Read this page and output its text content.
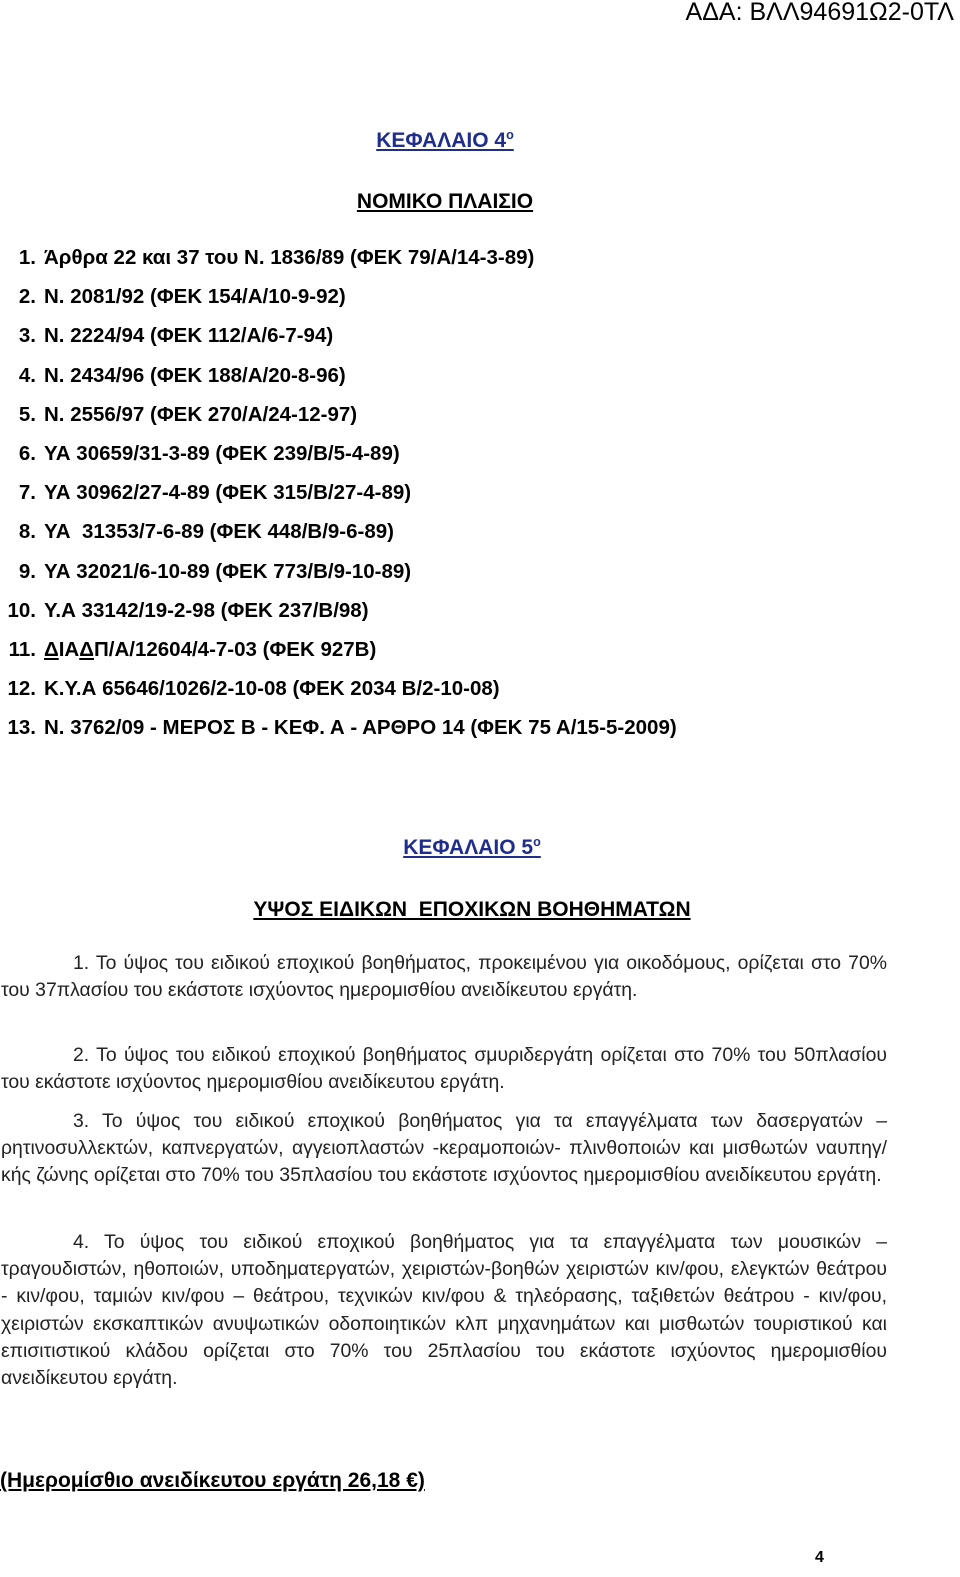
ΑΔΑ: ΒΛΛ94691Ω2-0ΤΛ
ΚΕΦΑΛΑΙΟ $4^o$
ΝΟΜΙΚΟ ΠΛΑΙΣΙΟ
1. Άρθρα 22 και 37 του Ν. 1836/89 (ΦΕΚ 79/Α/14-3-89)
2. Ν. 2081/92 (ΦΕΚ 154/Α/10-9-92)
3. Ν. 2224/94 (ΦΕΚ 112/Α/6-7-94)
4. Ν. 2434/96 (ΦΕΚ 188/Α/20-8-96)
5. Ν. 2556/97 (ΦΕΚ 270/Α/24-12-97)
6. ΥΑ 30659/31-3-89 (ΦΕΚ 239/Β/5-4-89)
7. ΥΑ 30962/27-4-89 (ΦΕΚ 315/Β/27-4-89)
8. ΥΑ  31353/7-6-89 (ΦΕΚ 448/Β/9-6-89)
9. ΥΑ 32021/6-10-89 (ΦΕΚ 773/Β/9-10-89)
10. Υ.Α 33142/19-2-98 (ΦΕΚ 237/Β/98)
11. ΔΙΑΔΠ/Α/12604/4-7-03 (ΦΕΚ 927Β)
12. Κ.Υ.Α 65646/1026/2-10-08 (ΦΕΚ 2034 Β/2-10-08)
13. Ν. 3762/09 - ΜΕΡΟΣ Β - ΚΕΦ. Α - ΑΡΘΡΟ 14 (ΦΕΚ 75 Α/15-5-2009)
ΚΕΦΑΛΑΙΟ $5^o$
ΥΨΟΣ ΕΙΔΙΚΩΝ  ΕΠΟΧΙΚΩΝ ΒΟΗΘΗΜΑΤΩΝ

1. Το ύψος του ειδικού εποχικού βοηθήματος, προκειμένου για οικοδόμους, ορίζεται στο 70% του 37πλασίου του εκάστοτε ισχύοντος ημερομισθίου ανειδίκευτου εργάτη.

2. Το ύψος του ειδικού εποχικού βοηθήματος σμυριδεργάτη ορίζεται στο 70% του 50πλασίου του εκάστοτε ισχύοντος ημερομισθίου ανειδίκευτου εργάτη.

3. Το ύψος του ειδικού εποχικού βοηθήματος για τα επαγγέλματα των δασεργατών – ρητινοσυλλεκτών, καπνεργατών, αγγειοπλαστών -κεραμοποιών- πλινθοποιών και μισθωτών ναυπηγ/κής ζώνης ορίζεται στο 70% του 35πλασίου του εκάστοτε ισχύοντος ημερομισθίου ανειδίκευτου εργάτη.

4. Το ύψος του ειδικού εποχικού βοηθήματος για τα επαγγέλματα των μουσικών – τραγουδιστών, ηθοποιών, υποδηματεργατών, χειριστών-βοηθών χειριστών κιν/φου, ελεγκτών θεάτρου - κιν/φου, ταμιών κιν/φου – θεάτρου, τεχνικών κιν/φου & τηλεόρασης, ταξιθετών θεάτρου - κιν/φου, χειριστών εκσκαπτικών ανυψωτικών οδοποιητικών κλπ μηχανημάτων και μισθωτών τουριστικού και επισιτιστικού κλάδου ορίζεται στο 70% του 25πλασίου του εκάστοτε ισχύοντος ημερομισθίου ανειδίκευτου εργάτη.

(Ημερομίσθιο ανειδίκευτου εργάτη 26,18 €)
4
